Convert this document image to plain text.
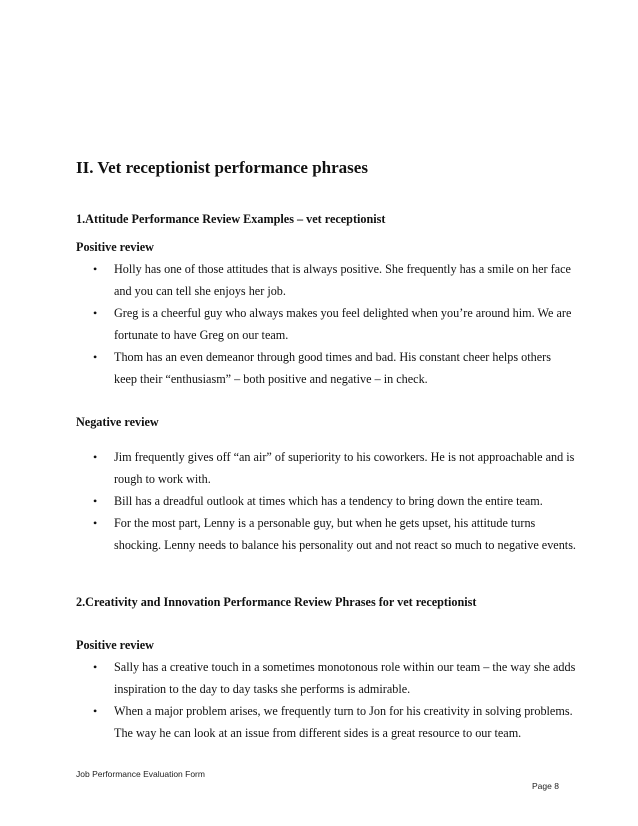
II. Vet receptionist performance phrases
1.Attitude Performance Review Examples – vet receptionist
Positive review
• Holly has one of those attitudes that is always positive. She frequently has a smile on her face and you can tell she enjoys her job.
• Greg is a cheerful guy who always makes you feel delighted when you’re around him. We are fortunate to have Greg on our team.
• Thom has an even demeanor through good times and bad. His constant cheer helps others keep their “enthusiasm” – both positive and negative – in check.
Negative review
• Jim frequently gives off “an air” of superiority to his coworkers. He is not approachable and is rough to work with.
• Bill has a dreadful outlook at times which has a tendency to bring down the entire team.
• For the most part, Lenny is a personable guy, but when he gets upset, his attitude turns shocking. Lenny needs to balance his personality out and not react so much to negative events.
2.Creativity and Innovation Performance Review Phrases for vet receptionist
Positive review
• Sally has a creative touch in a sometimes monotonous role within our team – the way she adds inspiration to the day to day tasks she performs is admirable.
• When a major problem arises, we frequently turn to Jon for his creativity in solving problems. The way he can look at an issue from different sides is a great resource to our team.
Job Performance Evaluation Form
Page 8
